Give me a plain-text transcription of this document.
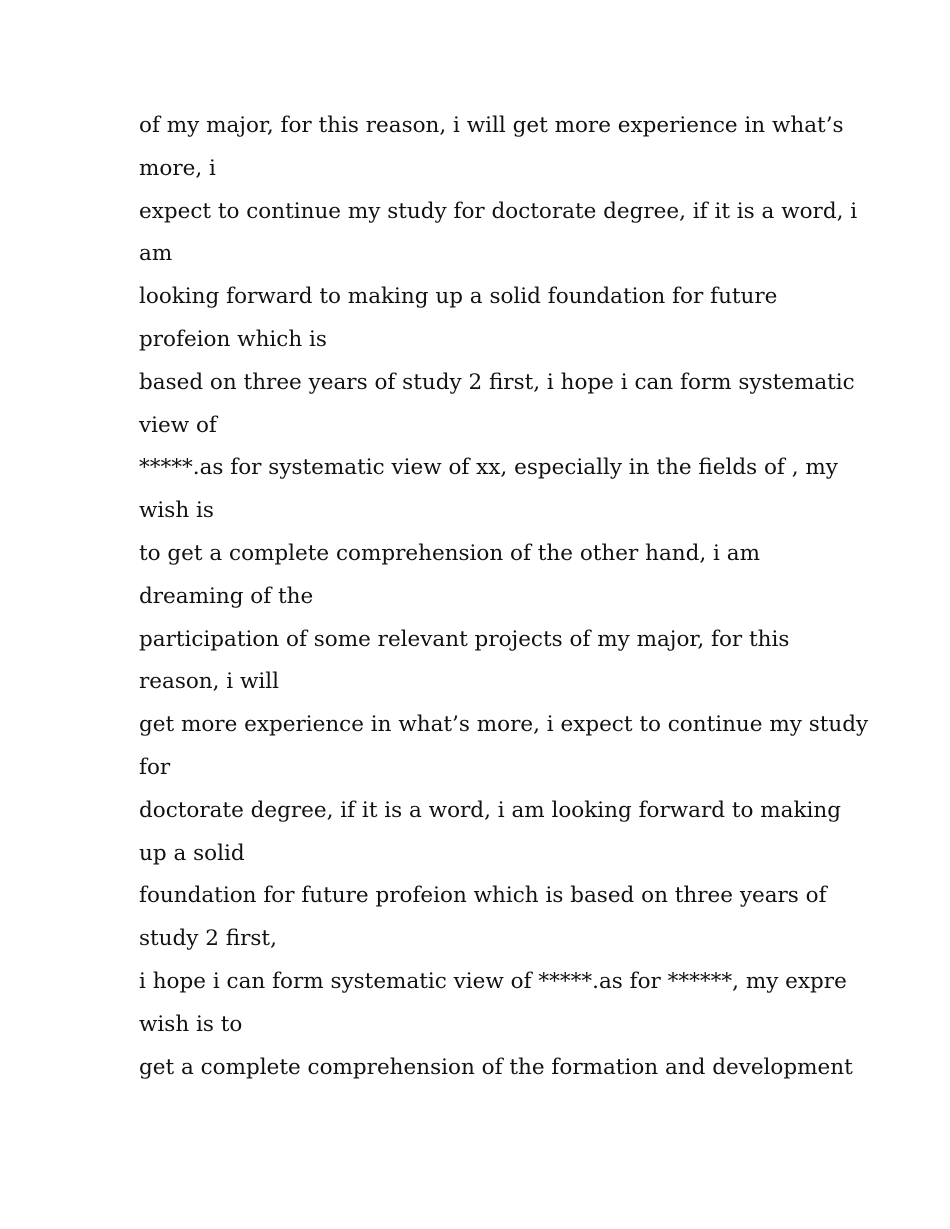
of my major, for this reason, i will get more experience in what’s
more, i
expect to continue my study for doctorate degree, if it is a word, i
am
looking forward to making up a solid foundation for future
profeion which is
based on three years of study 2 first, i hope i can form systematic
view of
*****.as for systematic view of xx, especially in the fields of , my
wish is
to get a complete comprehension of the other hand, i am
dreaming of the
participation of some relevant projects of my major, for this
reason, i will
get more experience in what’s more, i expect to continue my study
for
doctorate degree, if it is a word, i am looking forward to making
up a solid
foundation for future profeion which is based on three years of
study 2 first,
i hope i can form systematic view of *****.as for ******, my expre
wish is to
get a complete comprehension of the formation and development
